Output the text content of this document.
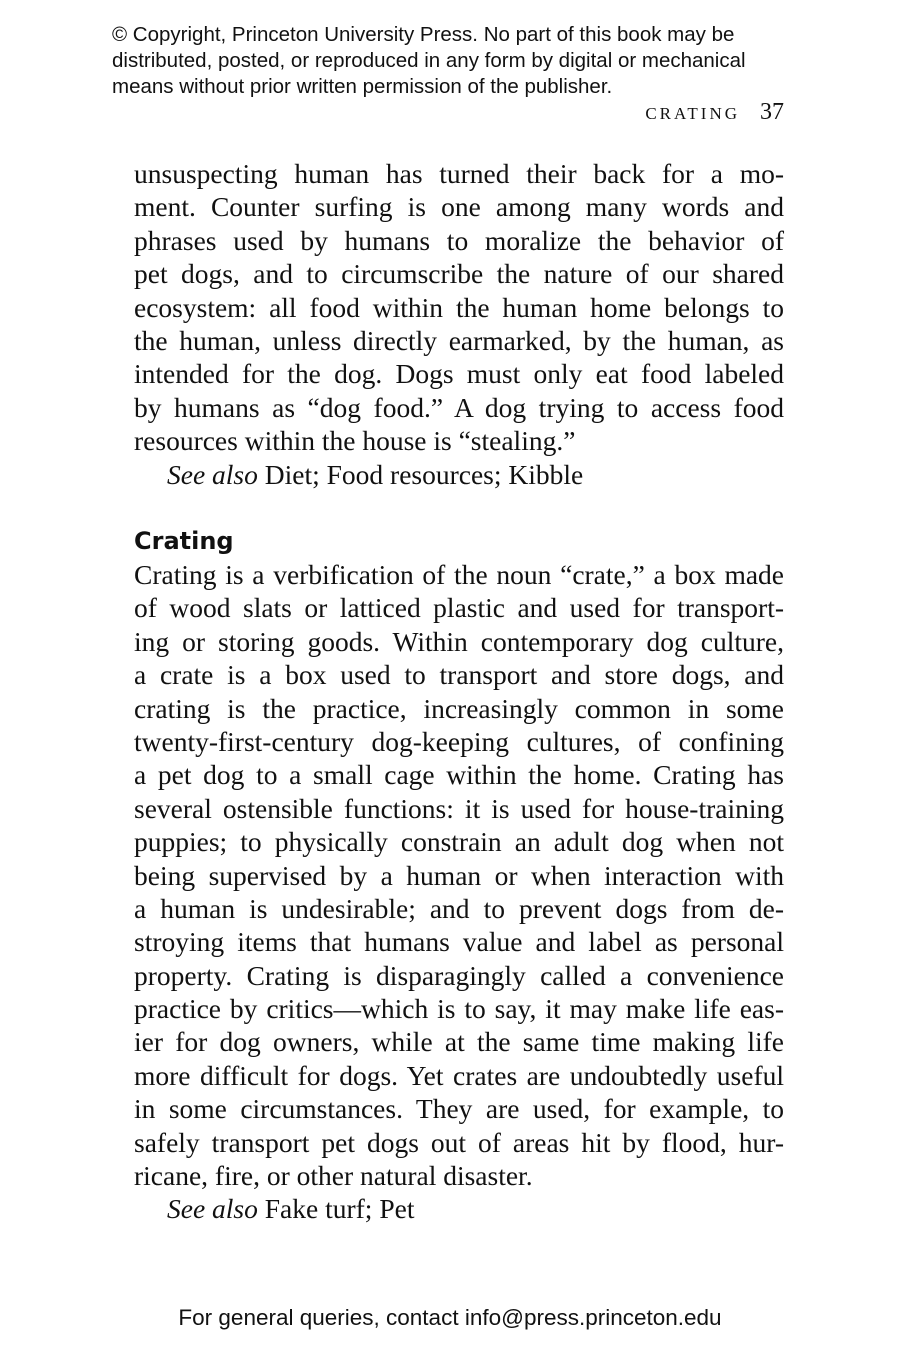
© Copyright, Princeton University Press. No part of this book may be
distributed, posted, or reproduced in any form by digital or mechanical
means without prior written permission of the publisher.
CRATING 37
unsuspecting human has turned their back for a mo-
ment. Counter surfing is one among many words and
phrases used by humans to moralize the behavior of
pet dogs, and to circumscribe the nature of our shared
ecosystem: all food within the human home belongs to
the human, unless directly earmarked, by the human, as
intended for the dog. Dogs must only eat food labeled
by humans as “dog food.” A dog trying to access food
resources within the house is “stealing.”
See also Diet; Food resources; Kibble
Crating
Crating is a verbification of the noun “crate,” a box made
of wood slats or latticed plastic and used for transport-
ing or storing goods. Within contemporary dog culture,
a crate is a box used to transport and store dogs, and
crating is the practice, increasingly common in some
twenty-first-century dog-keeping cultures, of confining
a pet dog to a small cage within the home. Crating has
several ostensible functions: it is used for house-training
puppies; to physically constrain an adult dog when not
being supervised by a human or when interaction with
a human is undesirable; and to prevent dogs from de-
stroying items that humans value and label as personal
property. Crating is disparagingly called a convenience
practice by critics—which is to say, it may make life eas-
ier for dog owners, while at the same time making life
more difficult for dogs. Yet crates are undoubtedly useful
in some circumstances. They are used, for example, to
safely transport pet dogs out of areas hit by flood, hur-
ricane, fire, or other natural disaster.
See also Fake turf; Pet
For general queries, contact info@press.princeton.edu
